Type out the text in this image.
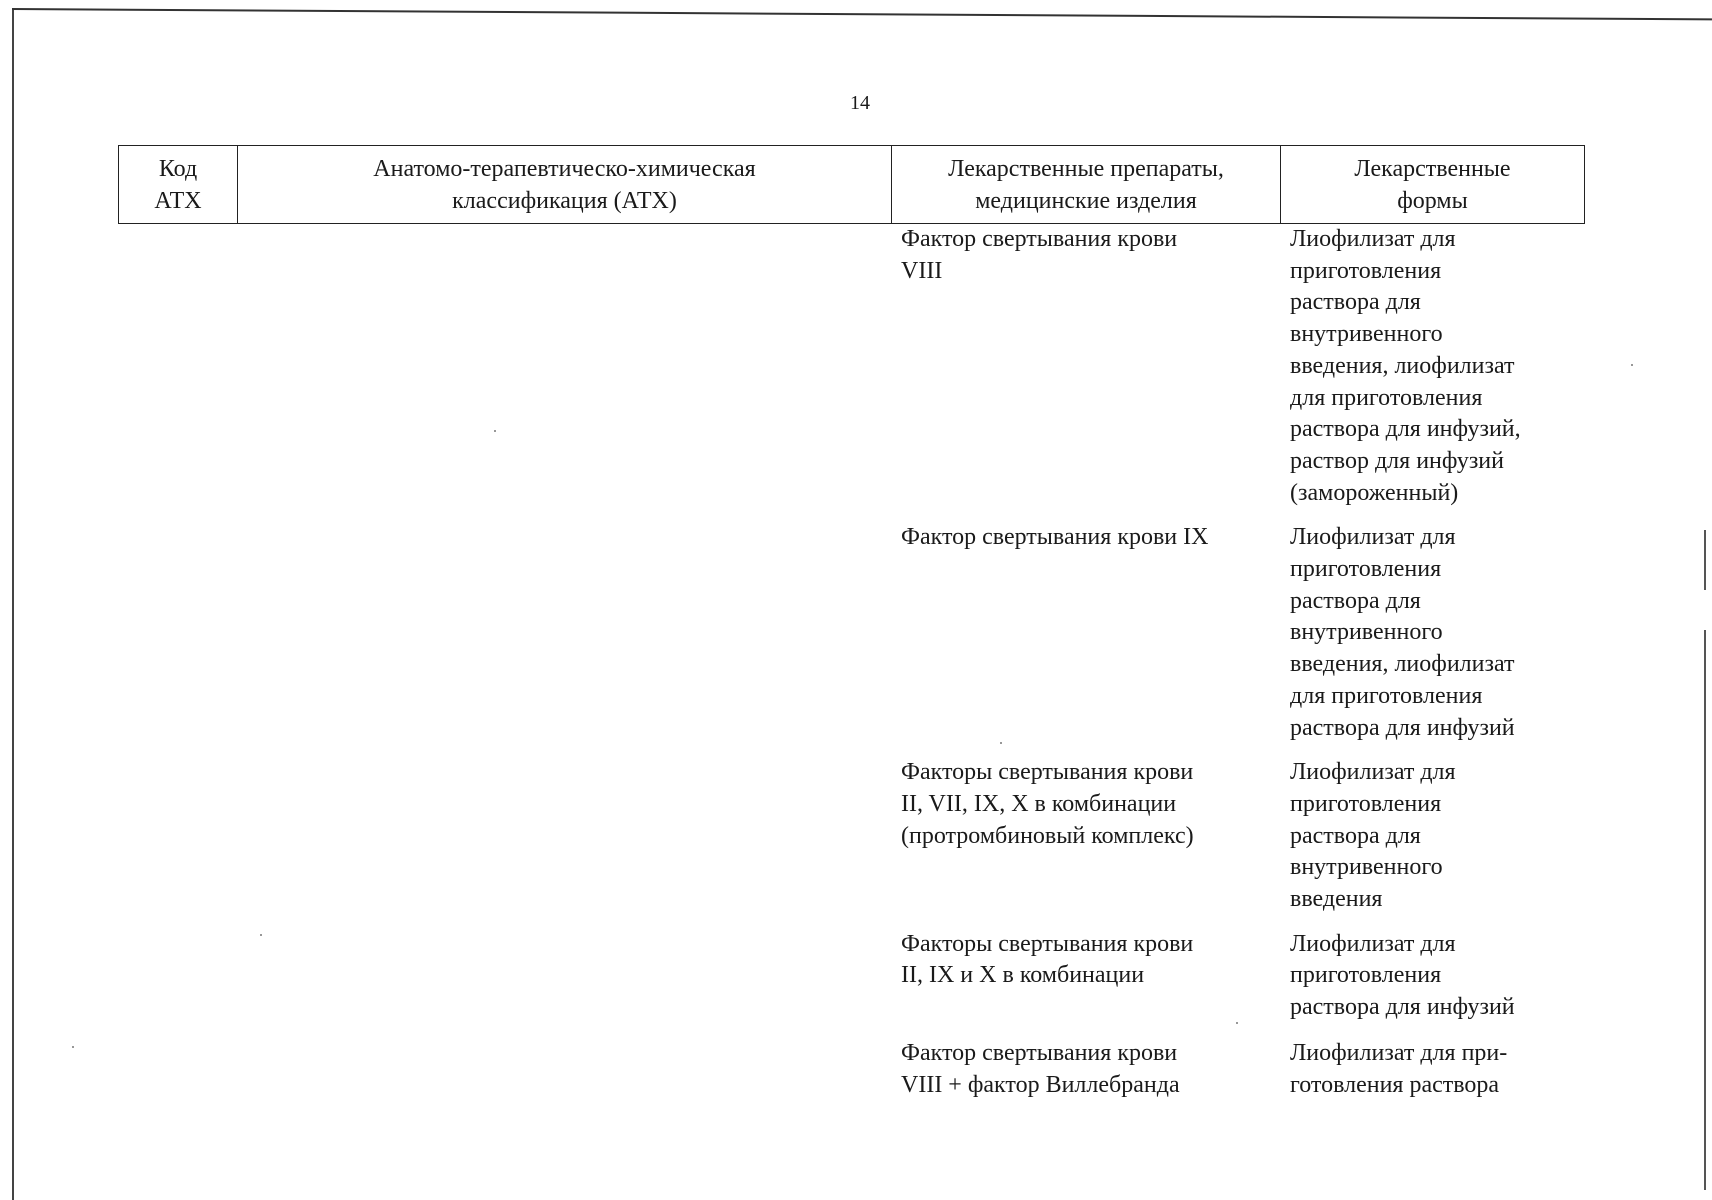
14
Код
АТХ
Анатомо-терапевтическо-химическая
классификация (АТХ)
Лекарственные препараты,
медицинские изделия
Лекарственные
формы
Фактор свертывания крови
VIII
Лиофилизат для
приготовления
раствора для
внутривенного
введения, лиофилизат
для приготовления
раствора для инфузий,
раствор для инфузий
(замороженный)
Фактор свертывания крови IX	Лиофилизат для
приготовления
раствора для
внутривенного
введения, лиофилизат
для приготовления
раствора для инфузий
Факторы свертывания крови
II, VII, IX, X в комбинации
(протромбиновый комплекс)
Лиофилизат для
приготовления
раствора для
внутривенного
введения
Факторы свертывания крови
II, IX и X в комбинации
Лиофилизат для
приготовления
раствора для инфузий
Фактор свертывания крови
VIII + фактор Виллебранда
Лиофилизат для при-
готовления раствора
